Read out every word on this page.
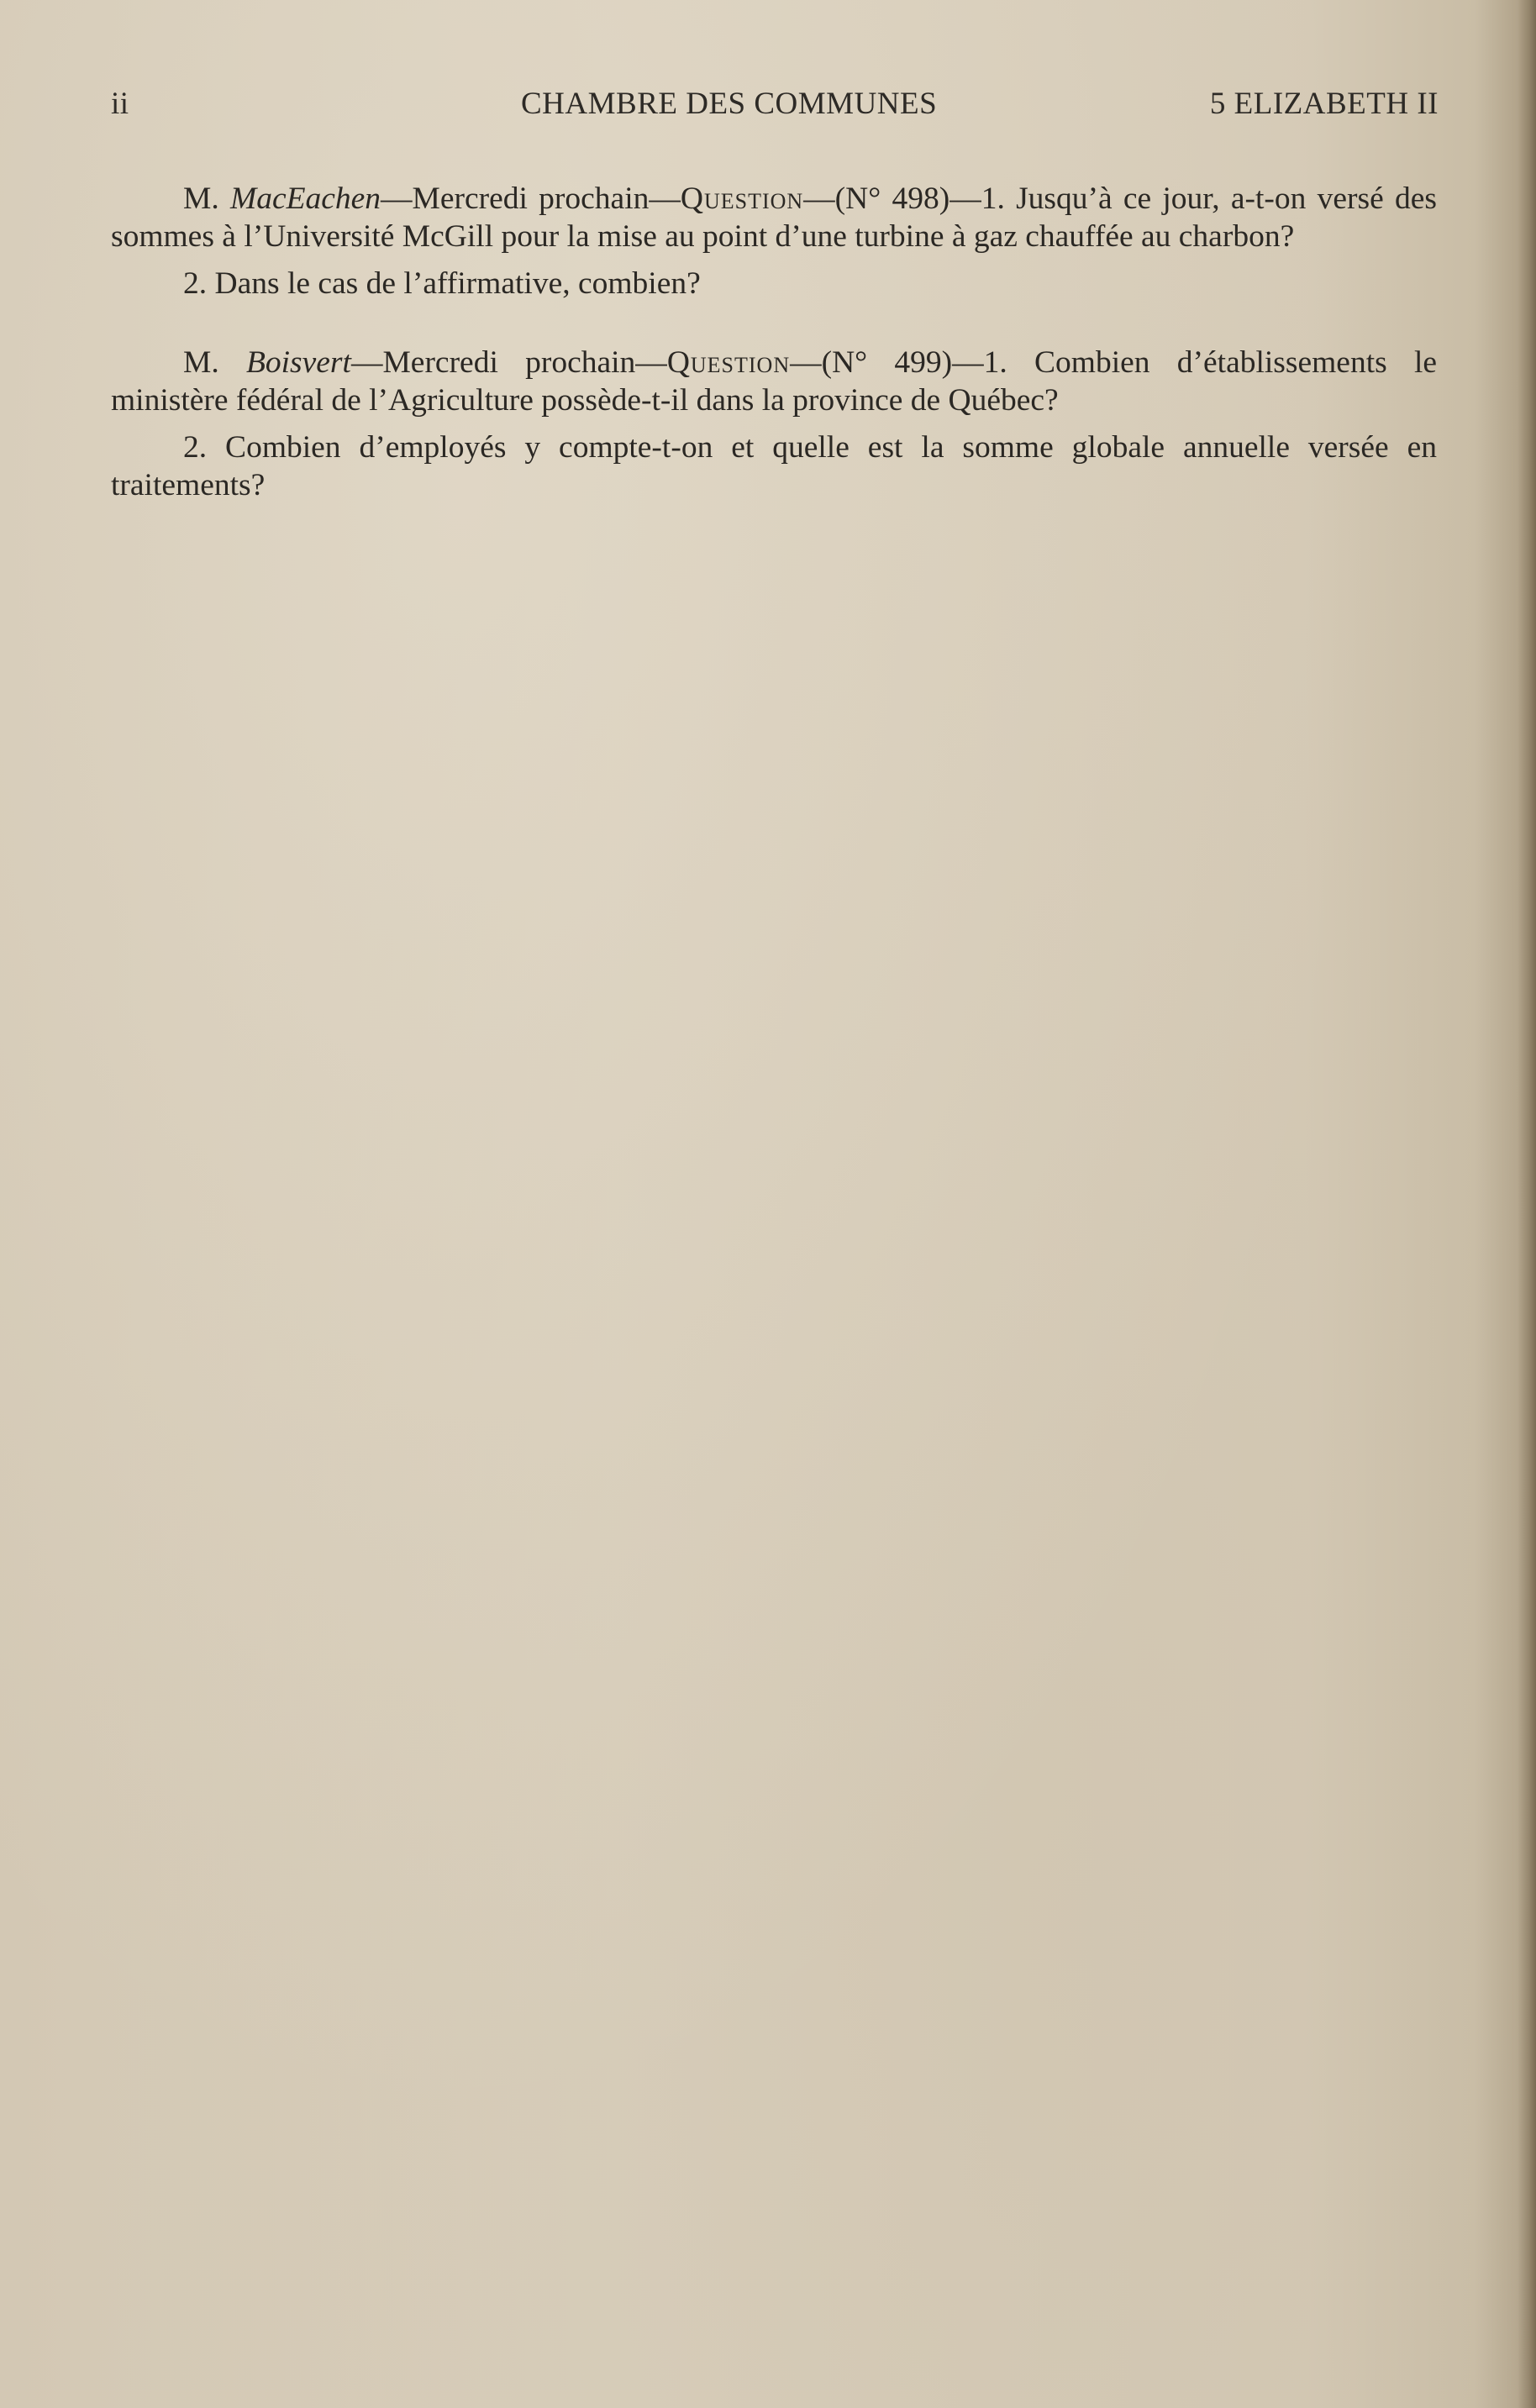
ii	CHAMBRE DES COMMUNES	5 ELIZABETH II

M. MacEachen—Mercredi prochain—Question—(N° 498)—1. Jusqu’à ce jour, a-t-on versé des sommes à l’Université McGill pour la mise au point d’une turbine à gaz chauffée au charbon?

2. Dans le cas de l’affirmative, combien?

M. Boisvert—Mercredi prochain—Question—(N° 499)—1. Combien d’établissements le ministère fédéral de l’Agriculture possède-t-il dans la province de Québec?

2. Combien d’employés y compte-t-on et quelle est la somme globale annuelle versée en traitements?
